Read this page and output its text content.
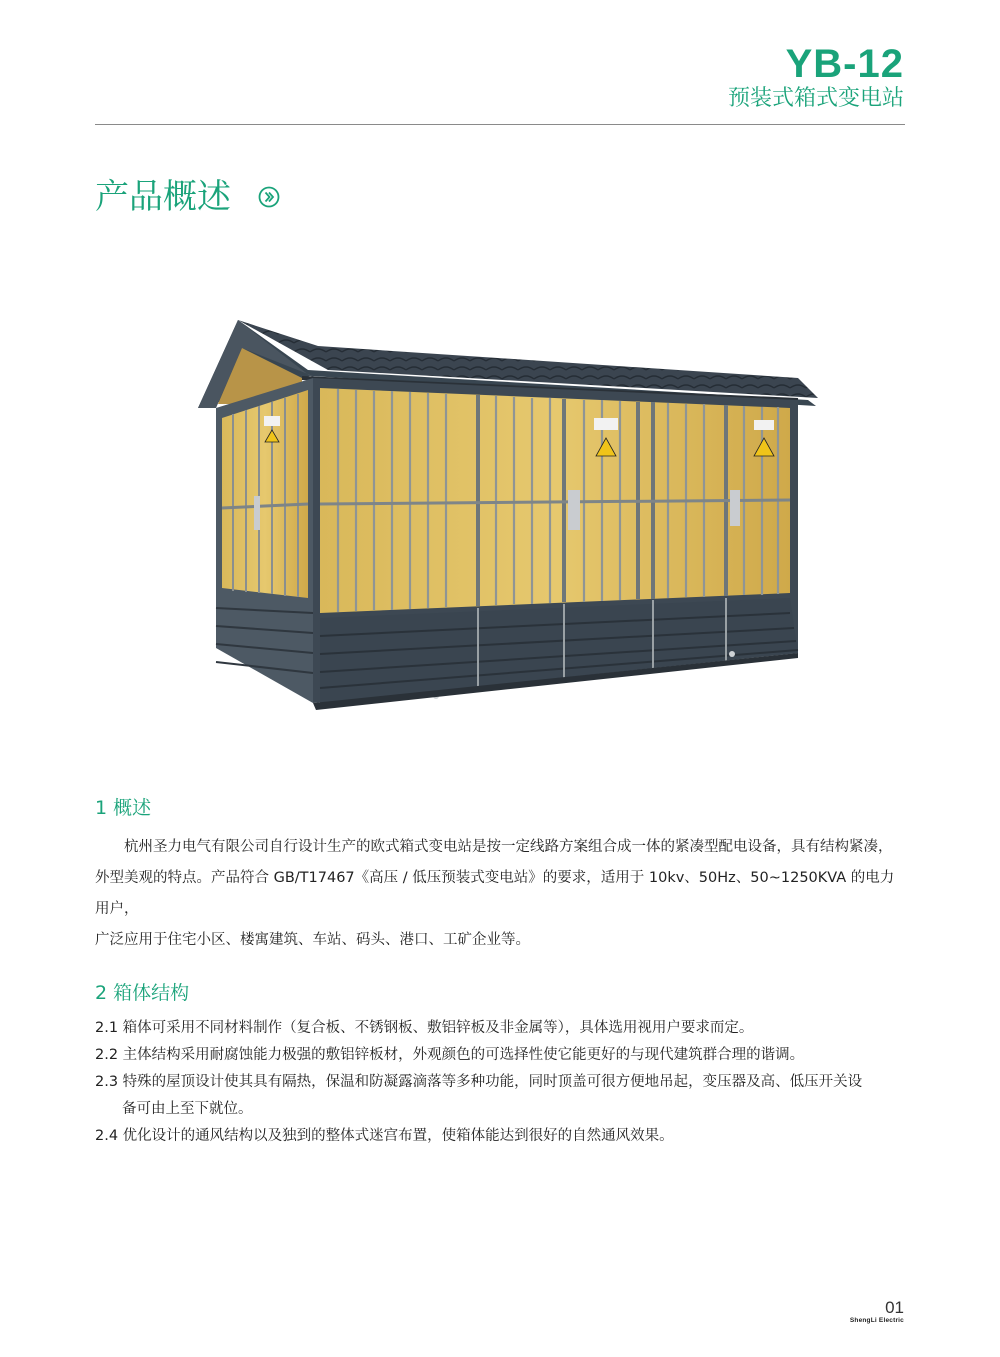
YB-12
预装式箱式变电站
产品概述
1 概述

杭州圣力电气有限公司自行设计生产的欧式箱式变电站是按一定线路方案组合成一体的紧凑型配电设备，具有结构紧凑，

外型美观的特点。产品符合 GB/T17467《高压 / 低压预装式变电站》的要求，适用于 10kv、50Hz、50~1250KVA 的电力用户，

广泛应用于住宅小区、楼寓建筑、车站、码头、港口、工矿企业等。

2 箱体结构

2.1 箱体可采用不同材料制作（复合板、不锈钢板、敷铝锌板及非金属等），具体选用视用户要求而定。

2.2 主体结构采用耐腐蚀能力极强的敷铝锌板材，外观颜色的可选择性使它能更好的与现代建筑群合理的谐调。

2.3 特殊的屋顶设计使其具有隔热，保温和防凝露滴落等多种功能，同时顶盖可很方便地吊起，变压器及高、低压开关设

备可由上至下就位。

2.4 优化设计的通风结构以及独到的整体式迷宫布置，使箱体能达到很好的自然通风效果。

01
ShengLi Electric
